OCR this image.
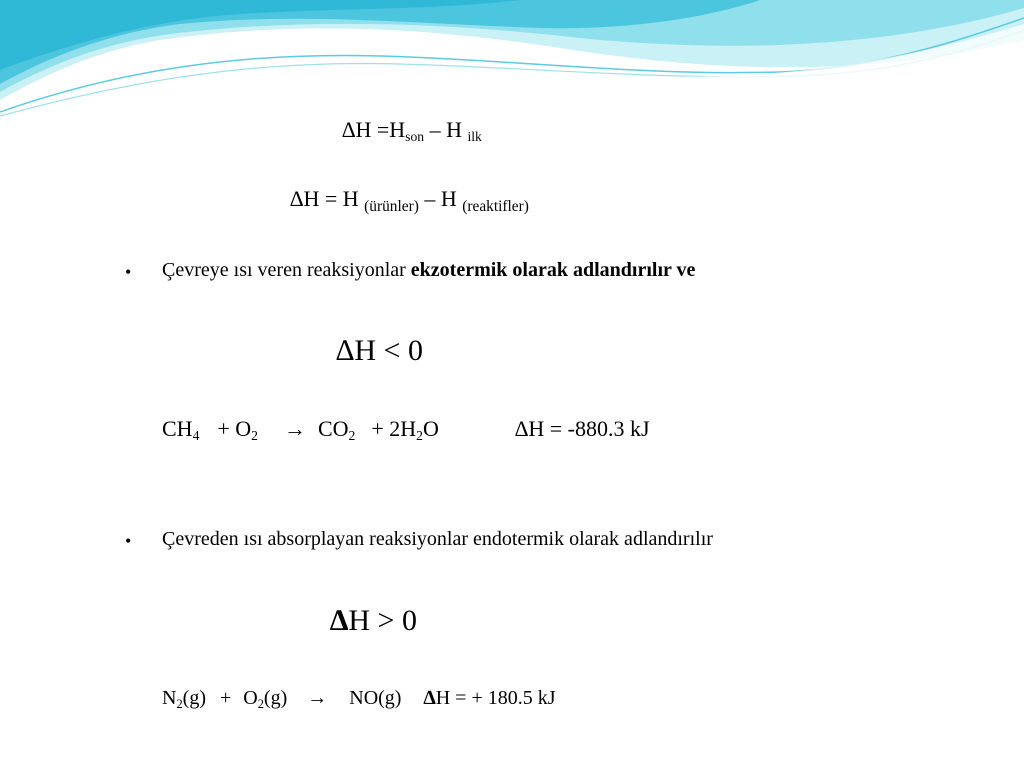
∆H =Hson – H ilk
∆H = H $_{(ürünler)}$ – H $_{(reaktifler)}$
• Çevreye ısı veren reaksiyonlar ekzotermik olarak adlandırılır ve
∆H < 0
CH4 + O2 → CO2 + 2H2O	∆H = -880.3 kJ
• Çevreden ısı absorplayan reaksiyonlar endotermik olarak adlandırılır
∆H > 0
N2(g) + O2(g) → NO(g) ∆H = + 180.5 kJ
